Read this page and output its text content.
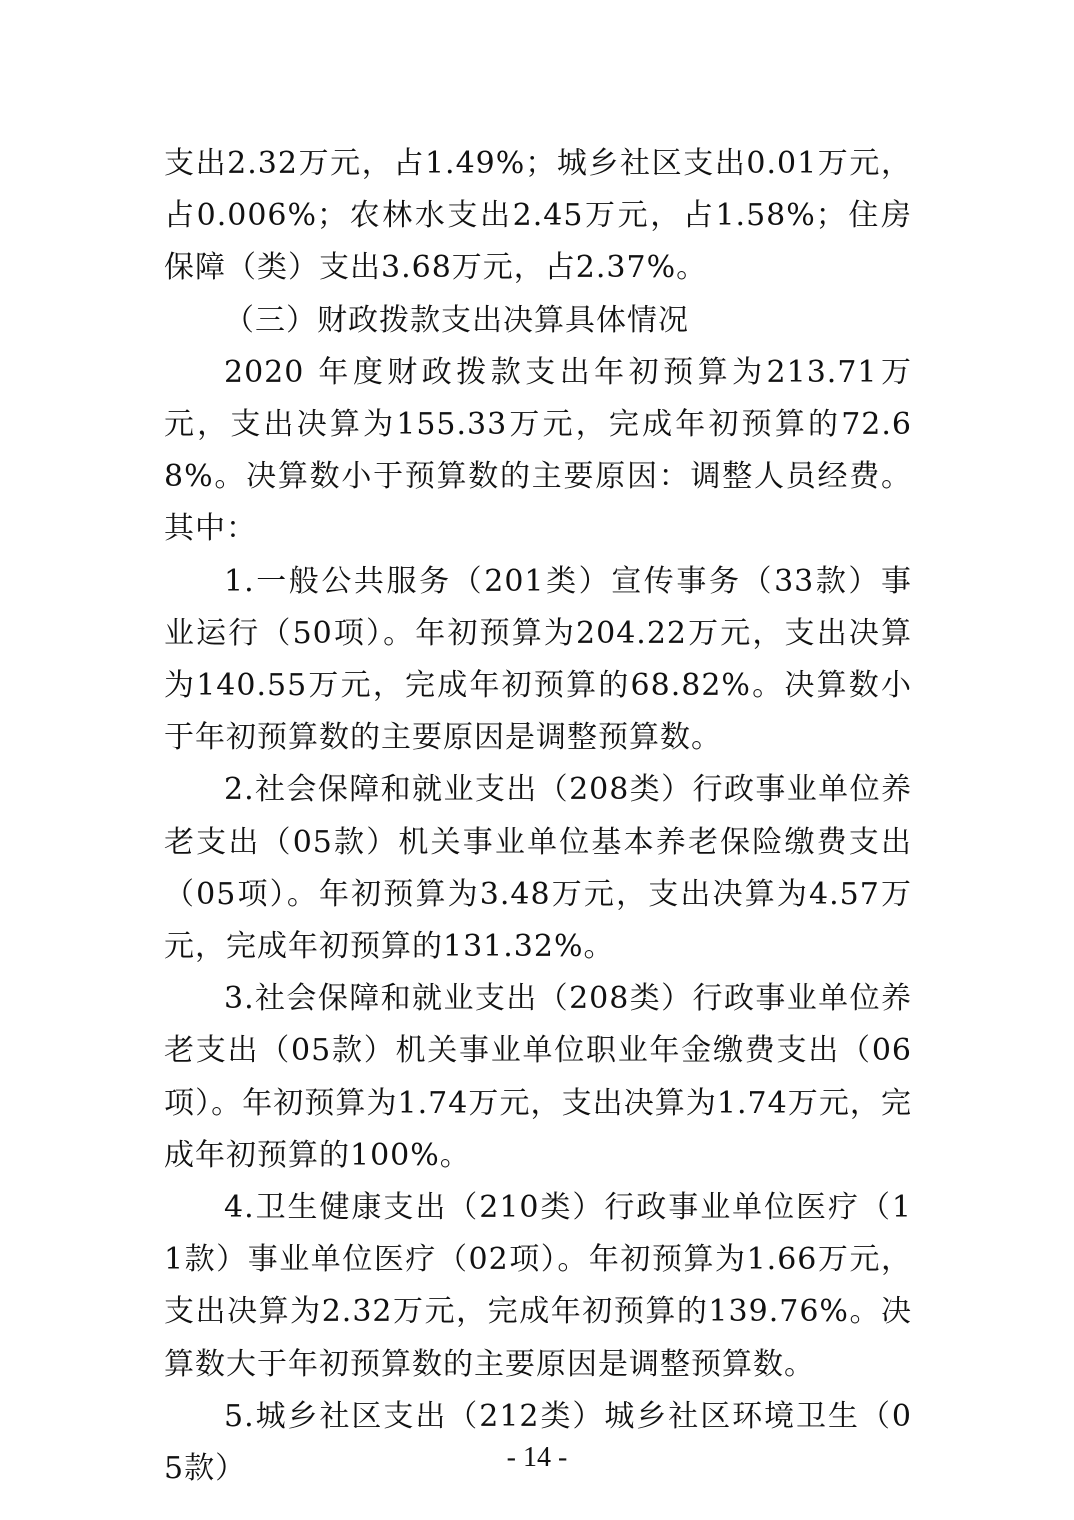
支出2.32万元，占1.49%；城乡社区支出0.01万元，占0.006%；农林水支出2.45万元，占1.58%；住房保障（类）支出3.68万元，占2.37%。

（三）财政拨款支出决算具体情况

2020 年度财政拨款支出年初预算为213.71万元，支出决算为155.33万元，完成年初预算的72.68%。决算数小于预算数的主要原因：调整人员经费。其中：

1.一般公共服务（201类）宣传事务（33款）事业运行（50项）。年初预算为204.22万元，支出决算为140.55万元，完成年初预算的68.82%。决算数小于年初预算数的主要原因是调整预算数。

2.社会保障和就业支出（208类）行政事业单位养老支出（05款）机关事业单位基本养老保险缴费支出（05项）。年初预算为3.48万元，支出决算为4.57万元，完成年初预算的131.32%。

3.社会保障和就业支出（208类）行政事业单位养老支出（05款）机关事业单位职业年金缴费支出（06项）。年初预算为1.74万元，支出决算为1.74万元，完成年初预算的100%。

4.卫生健康支出（210类）行政事业单位医疗（11款）事业单位医疗（02项）。年初预算为1.66万元，支出决算为2.32万元，完成年初预算的139.76%。决算数大于年初预算数的主要原因是调整预算数。

5.城乡社区支出（212类）城乡社区环境卫生（05款）	- 14 -
